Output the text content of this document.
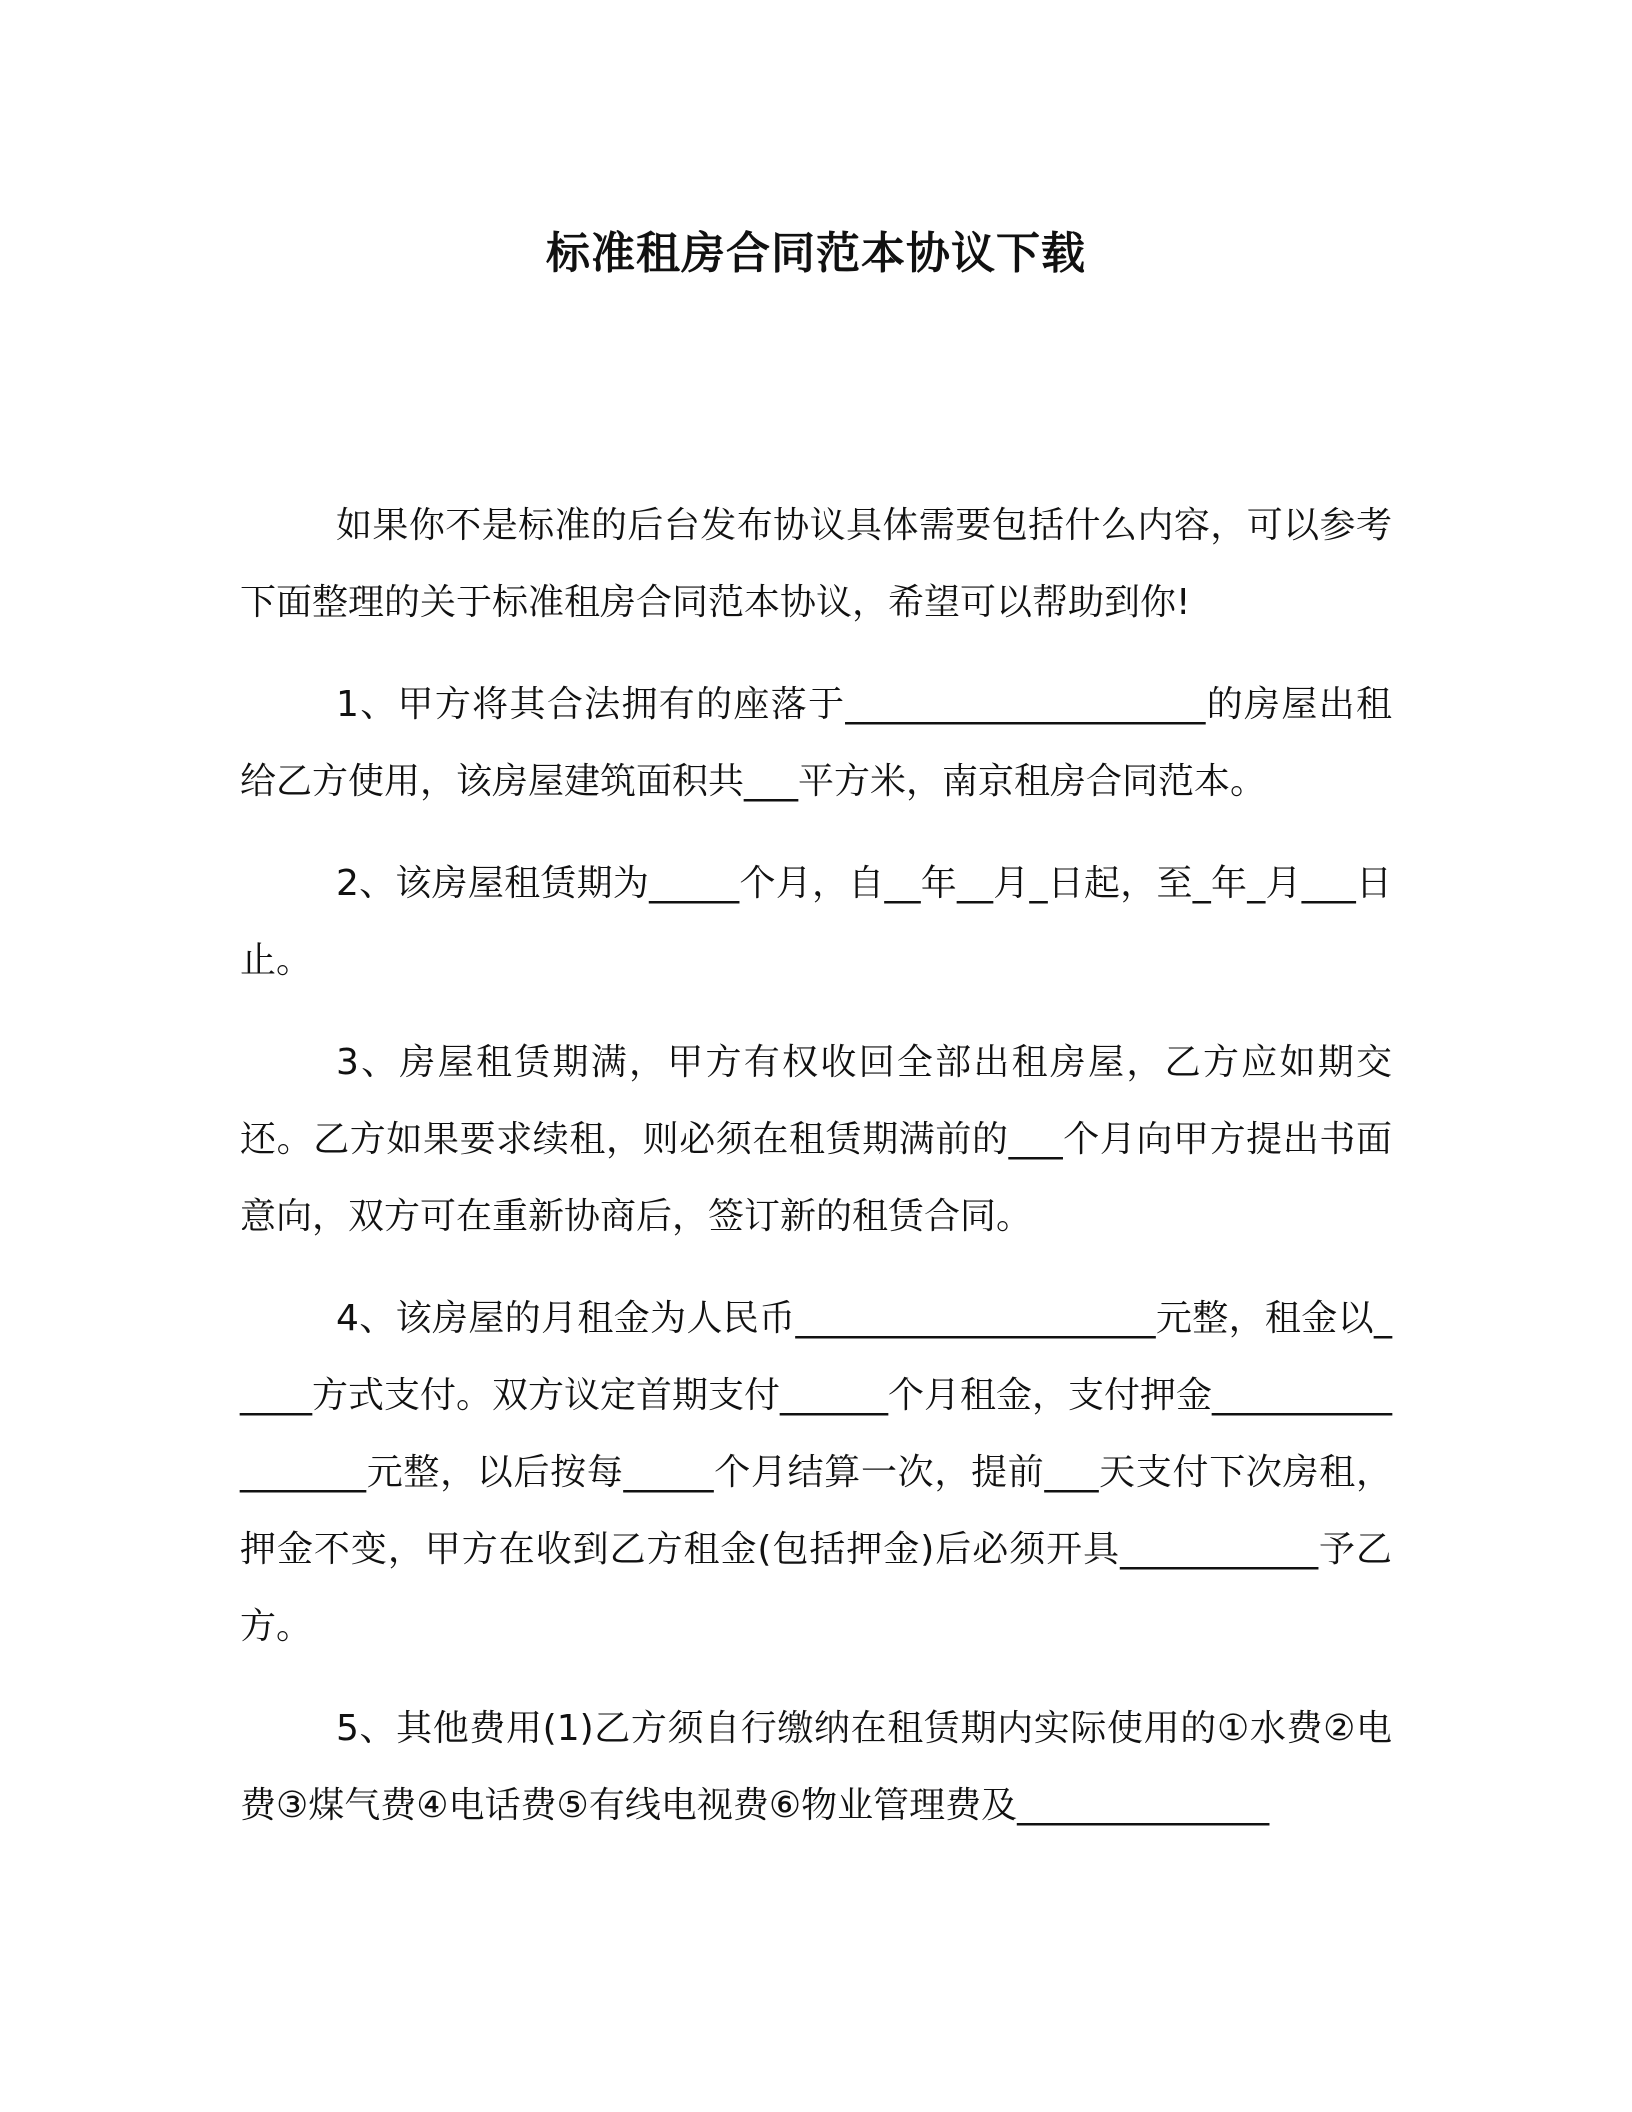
标准租房合同范本协议下载

如果你不是标准的后台发布协议具体需要包括什么内容，可以参考下面整理的关于标准租房合同范本协议，希望可以帮助到你!

1、甲方将其合法拥有的座落于____________________的房屋出租给乙方使用，该房屋建筑面积共___平方米，南京租房合同范本。

2、该房屋租赁期为_____个月，自__年__月_日起，至_年_月___日止。

3、房屋租赁期满，甲方有权收回全部出租房屋，乙方应如期交还。乙方如果要求续租，则必须在租赁期满前的___个月向甲方提出书面意向，双方可在重新协商后，签订新的租赁合同。

4、该房屋的月租金为人民币____________________元整，租金以_____方式支付。双方议定首期支付______个月租金，支付押金_________________元整，以后按每_____个月结算一次，提前___天支付下次房租，押金不变，甲方在收到乙方租金(包括押金)后必须开具___________予乙方。

5、其他费用(1)乙方须自行缴纳在租赁期内实际使用的①水费②电费③煤气费④电话费⑤有线电视费⑥物业管理费及______________
